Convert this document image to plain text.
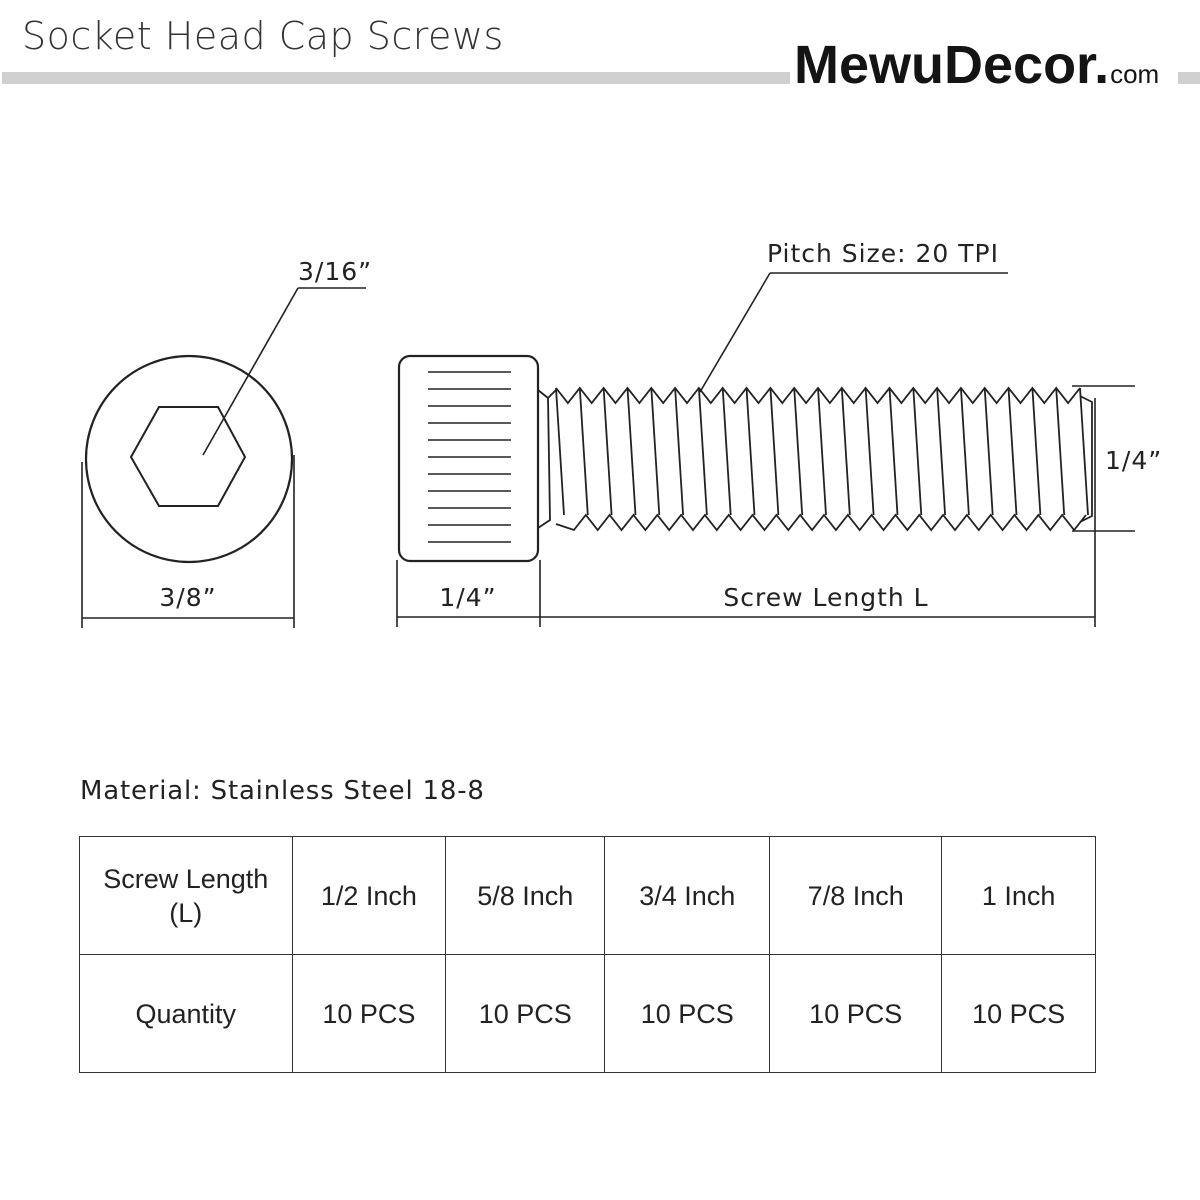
Socket Head Cap Screws	MewuDecor.com
3/16”
3/8”
Pitch Size: 20 TPI
1/4”
1/4”	Screw Length L
Material: Stainless Steel 18-8
Screw Length (L)	1/2 Inch	5/8 Inch	3/4 Inch	7/8 Inch	1 Inch
Quantity	10 PCS	10 PCS	10 PCS	10 PCS	10 PCS
